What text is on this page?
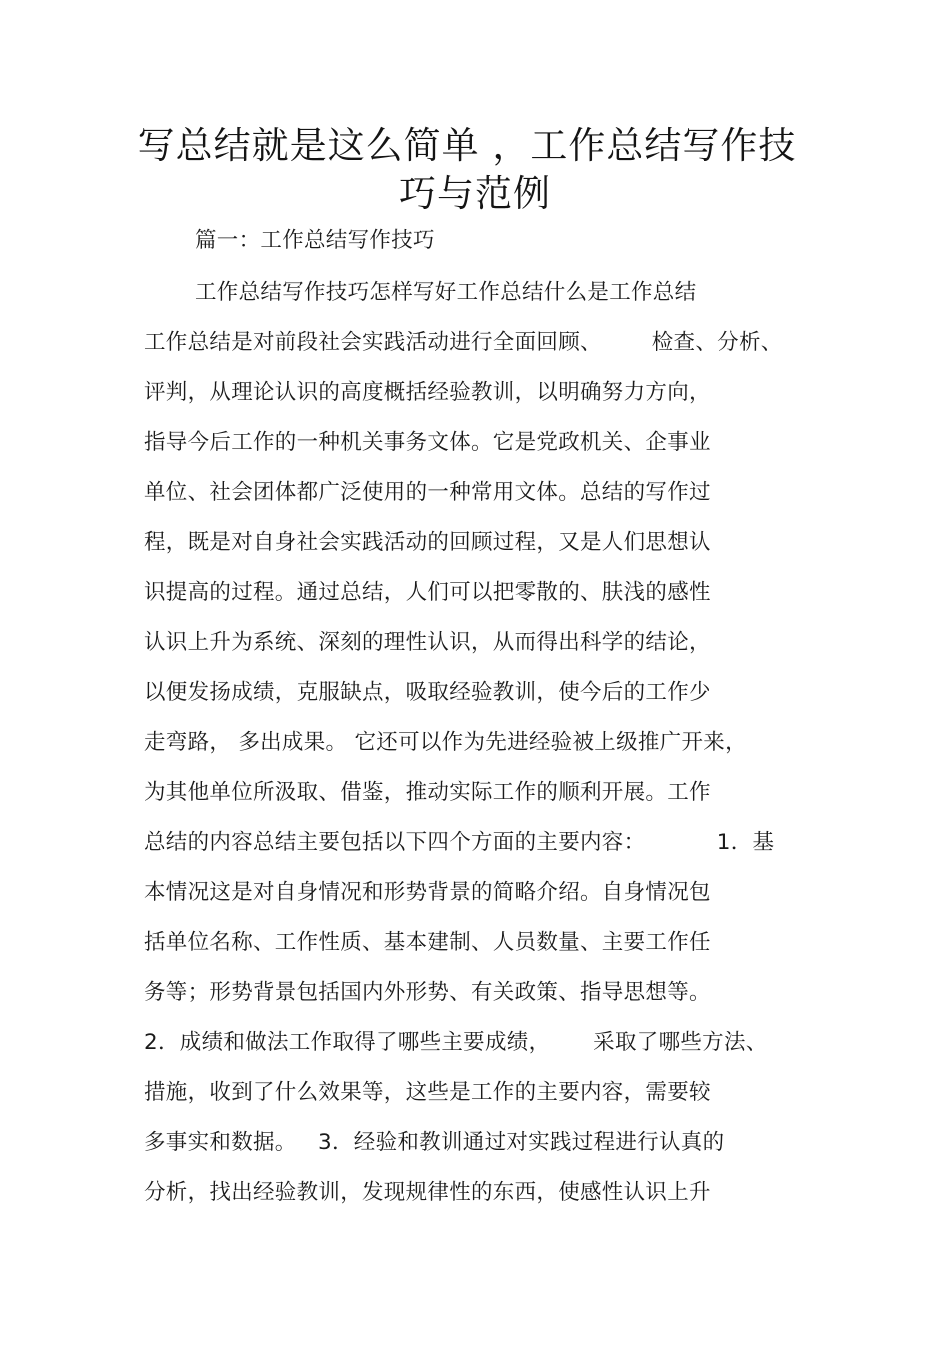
写总结就是这么简单 ，工作总结写作技
巧与范例
篇一：工作总结写作技巧
工作总结写作技巧怎样写好工作总结什么是工作总结
工作总结是对前段社会实践活动进行全面回顾、       检查、分析、
评判，从理论认识的高度概括经验教训，以明确努力方向，
指导今后工作的一种机关事务文体。它是党政机关、企事业
单位、社会团体都广泛使用的一种常用文体。总结的写作过
程，既是对自身社会实践活动的回顾过程，又是人们思想认
识提高的过程。通过总结，人们可以把零散的、肤浅的感性
认识上升为系统、深刻的理性认识，从而得出科学的结论，
以便发扬成绩，克服缺点，吸取经验教训，使今后的工作少
走弯路， 多出成果。 它还可以作为先进经验被上级推广开来，
为其他单位所汲取、借鉴，推动实际工作的顺利开展。工作
总结的内容总结主要包括以下四个方面的主要内容：          1．基
本情况这是对自身情况和形势背景的简略介绍。自身情况包
括单位名称、工作性质、基本建制、人员数量、主要工作任
务等；形势背景包括国内外形势、有关政策、指导思想等。
2．成绩和做法工作取得了哪些主要成绩，      采取了哪些方法、
措施，收到了什么效果等，这些是工作的主要内容，需要较
多事实和数据。   3．经验和教训通过对实践过程进行认真的
分析，找出经验教训，发现规律性的东西，使感性认识上升
